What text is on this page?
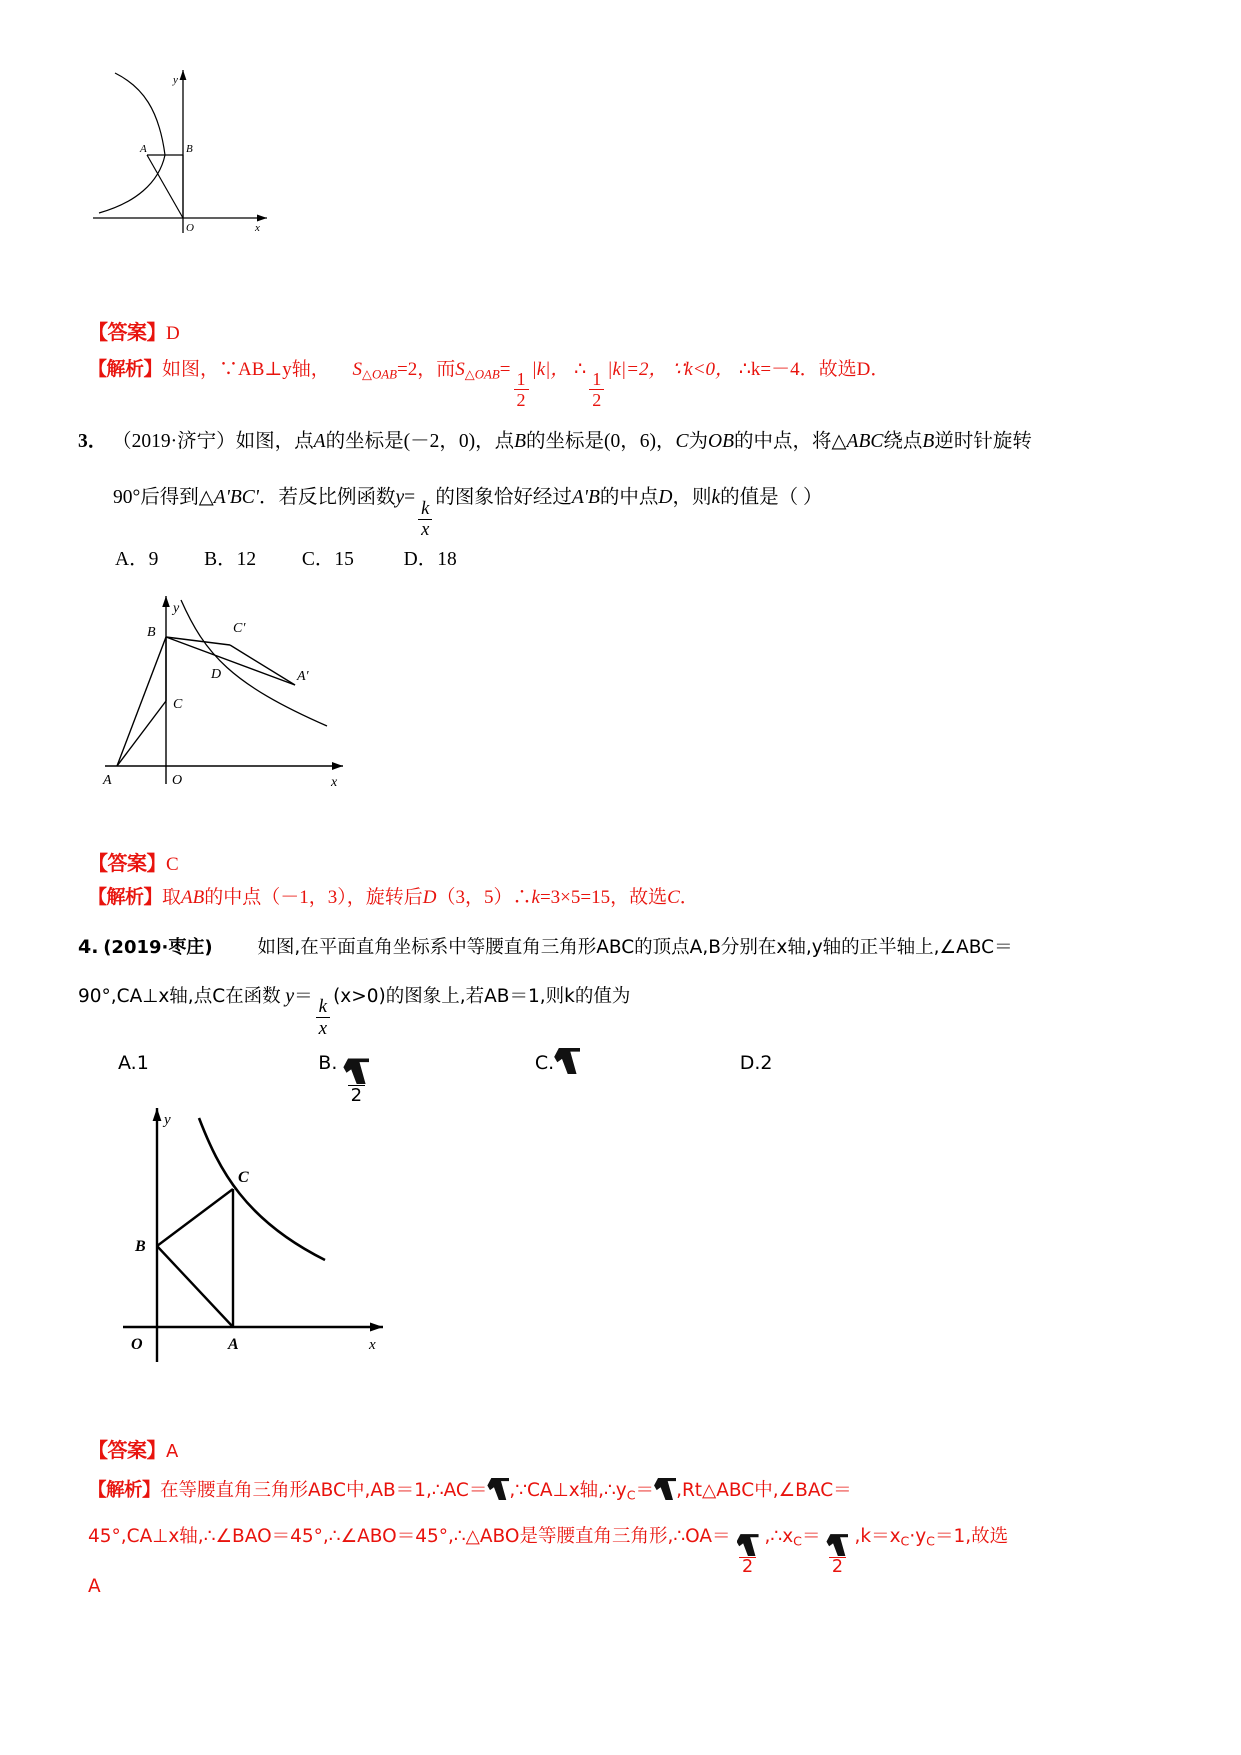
A	B
O	x
y
【答案】D
【解析】如图，∵AB⊥y轴， $S_{\triangle OAB}=2$，而$S_{\triangle OAB}=$
$\frac{1}{2}$
|k|， ∴
$\frac{1}{2}$
|k|=2， ∵k<0， ∴k=－4．故选D．
3． （2019·济宁）如图，点A的坐标是(－2，0)，点B的坐标是(0，6)，C为OB的中点，将△ABC绕点B逆时针旋转
90°后得到△A'BC'．若反比例函数y=
$\frac{k}{x}$
的图象恰好经过A'B的中点D，则k的值是（ ）
A．9 B．12 C．15	D．18
A
B
C
D
C′
A′
O	x
y
【答案】C
【解析】取AB的中点（－1，3），旋转后D（3，5）∴k=3×5=15，故选C．
4. (2019·枣庄) 如图,在平面直角坐标系中等腰直角三角形ABC的顶点A,B分别在x轴,y轴的正半轴上,∠ABC＝
90°,CA⊥x轴,点C在函数 y＝
$\frac{k}{x}$
(x>0)的图象上,若AB＝1,则k的值为
A.1	B.
2
C.	D.2
B
C
A
O	x
y
【答案】A
【解析】在等腰直角三角形ABC中,AB＝1,∴AC＝ ,∵CA⊥x轴$,\therefore y_C=$ ,Rt△ABC中,∠BAC＝
45°,CA⊥x轴,∴∠BAO＝45°,∴∠ABO＝45°,∴△ABO是等腰直角三角形,∴OA＝
2
$,\therefore x_C=$
2
$,k=x_C\cdot y_C=1$,故选
A
